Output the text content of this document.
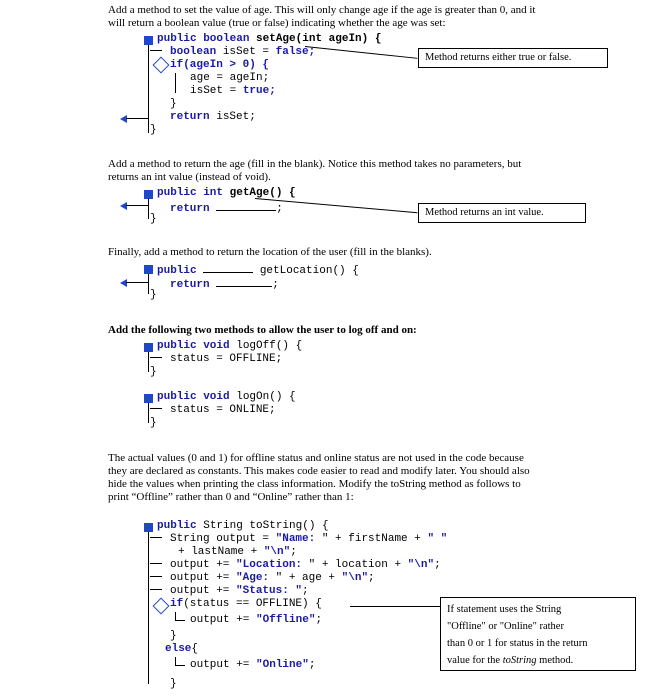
Add a method to set the value of age. This will only change age if the age is greater than 0, and it
will return a boolean value (true or false) indicating whether the age was set:
public boolean setAge(int ageIn) {
boolean isSet = false;
if(ageIn > 0) {
age = ageIn;
isSet = true;
}
return isSet;
}
Method returns either true or false.
Add a method to return the age (fill in the blank). Notice this method takes no parameters, but
returns an int value (instead of void).
public int getAge() {
return	;
}
Method returns an int value.
Finally, add a method to return the location of the user (fill in the blanks).
public	getLocation() {
return	;
}
Add the following two methods to allow the user to log off and on:
public void logOff() {
status = OFFLINE;
}
public void logOn() {
status = ONLINE;
}
The actual values (0 and 1) for offline status and online status are not used in the code because
they are declared as constants. This makes code easier to read and modify later. You should also
hide the values when printing the class information. Modify the toString method as follows to
print “Offline” rather than 0 and “Online” rather than 1:
public String toString() {
String output = "Name: " + firstName + " "
+ lastName + "\n";
output += "Location: " + location + "\n";
output += "Age: " + age + "\n";
output += "Status: ";
if(status == OFFLINE) {
output += "Offline";
}
else{
output += "Online";
}
If statement uses the String
"Offline" or "Online" rather
than 0 or 1 for status in the return
value for the toString method.
